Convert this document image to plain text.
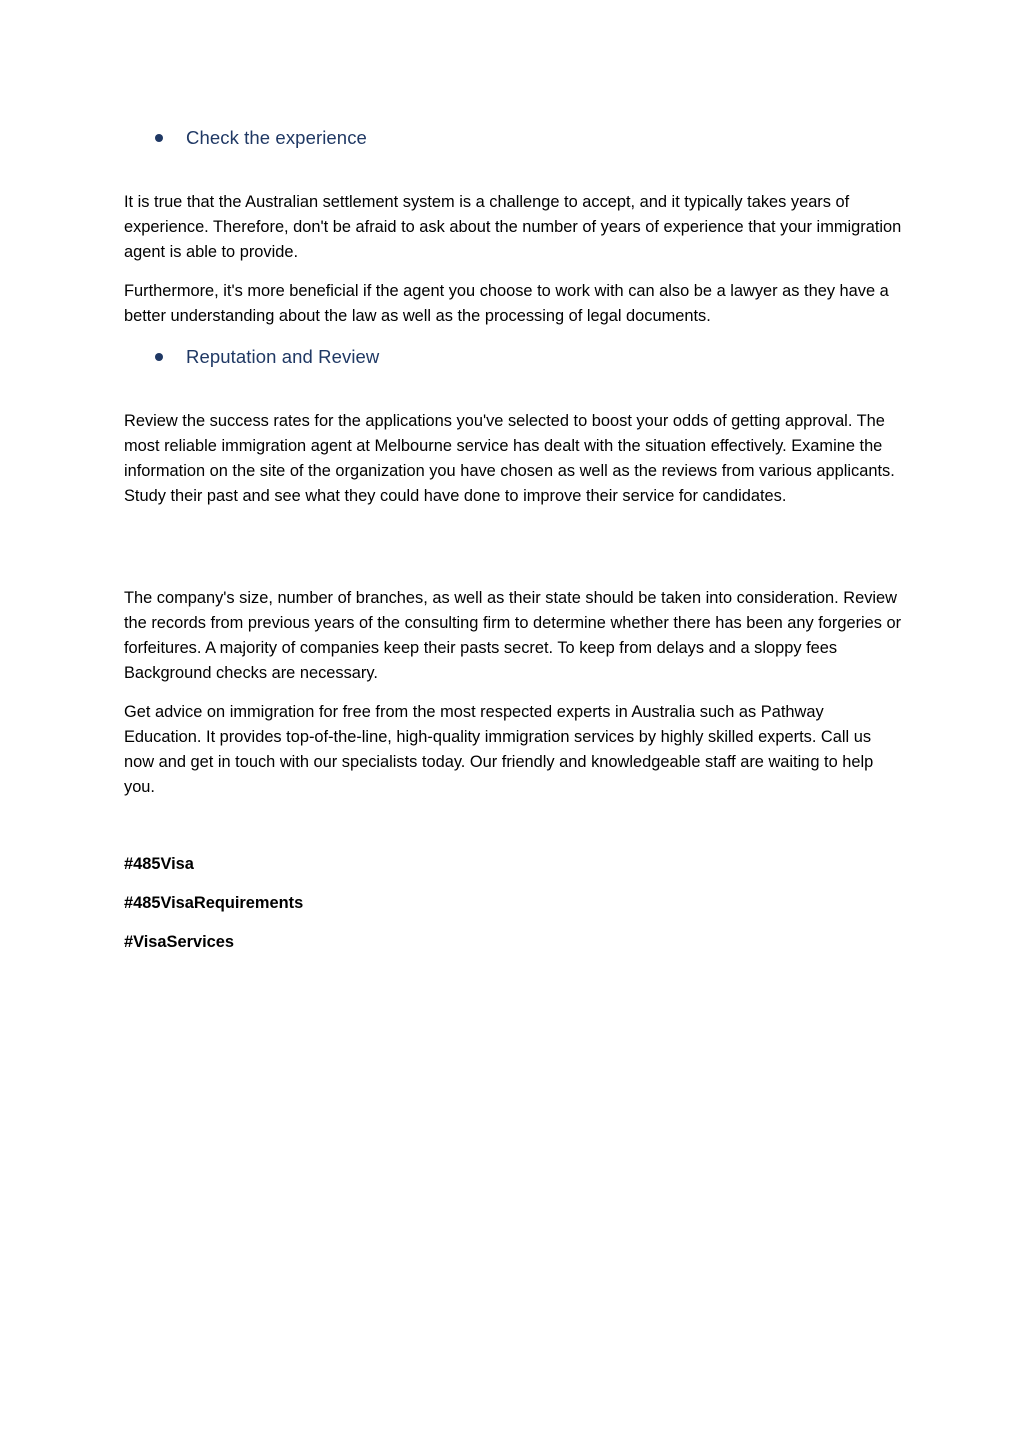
Check the experience

It is true that the Australian settlement system is a challenge to accept, and it typically takes years of experience. Therefore, don't be afraid to ask about the number of years of experience that your immigration agent is able to provide.

Furthermore, it's more beneficial if the agent you choose to work with can also be a lawyer as they have a better understanding about the law as well as the processing of legal documents.

Reputation and Review

Review the success rates for the applications you've selected to boost your odds of getting approval. The most reliable immigration agent at Melbourne service has dealt with the situation effectively. Examine the information on the site of the organization you have chosen as well as the reviews from various applicants. Study their past and see what they could have done to improve their service for candidates.

The company's size, number of branches, as well as their state should be taken into consideration. Review the records from previous years of the consulting firm to determine whether there has been any forgeries or forfeitures. A majority of companies keep their pasts secret. To keep from delays and a sloppy fees Background checks are necessary.

Get advice on immigration for free from the most respected experts in Australia such as Pathway Education. It provides top-of-the-line, high-quality immigration services by highly skilled experts. Call us now and get in touch with our specialists today. Our friendly and knowledgeable staff are waiting to help you.

#485Visa
#485VisaRequirements
#VisaServices
